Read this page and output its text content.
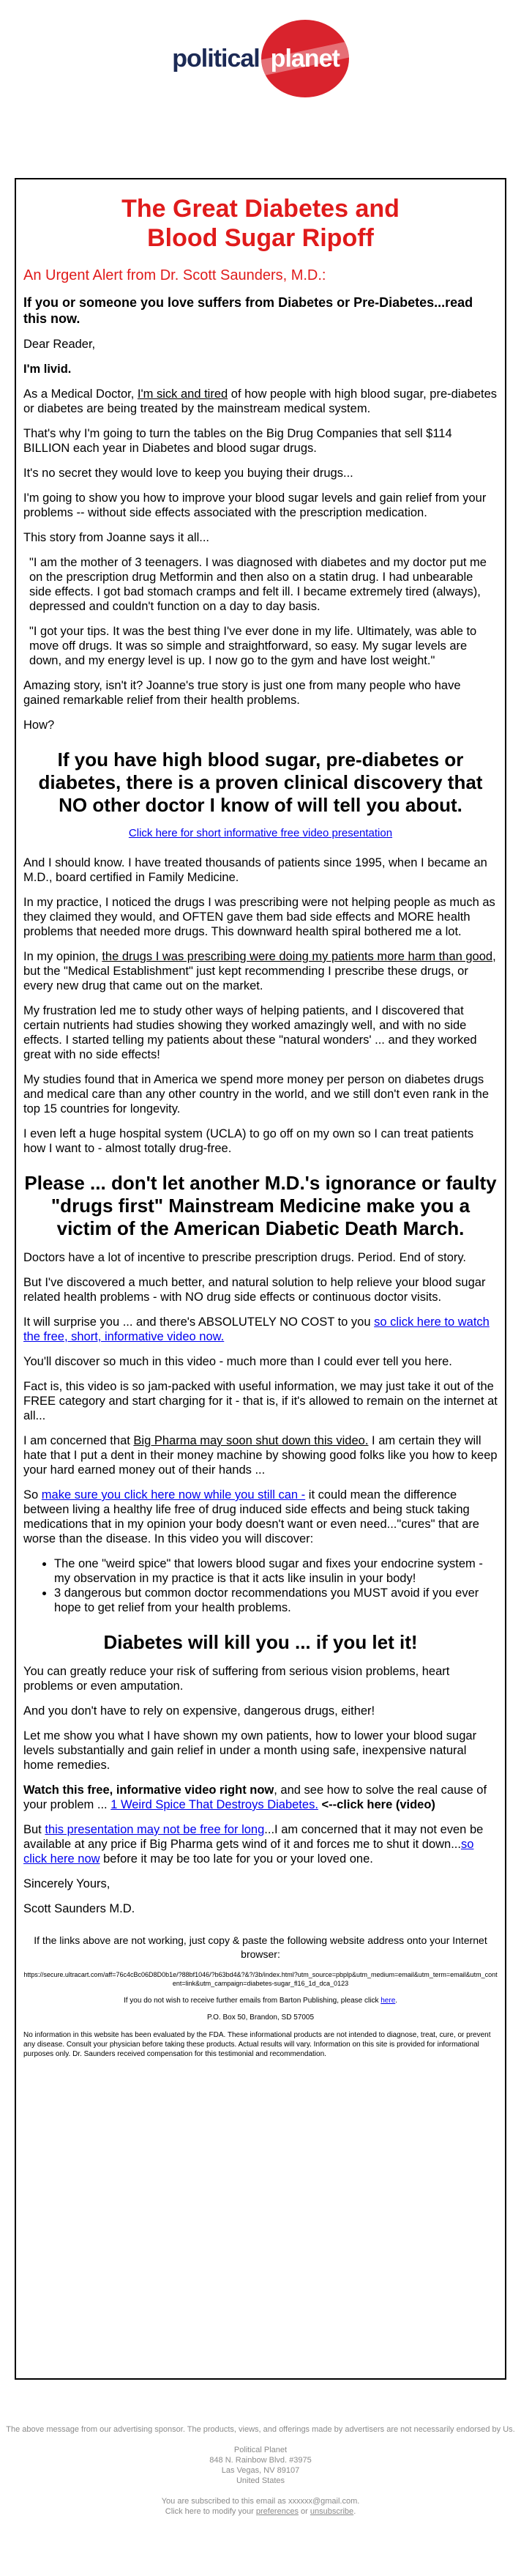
political planet
The Great Diabetes and
Blood Sugar Ripoff
An Urgent Alert from Dr. Scott Saunders, M.D.:

If you or someone you love suffers from Diabetes or Pre-Diabetes...read this now.

Dear Reader,

I'm livid.

As a Medical Doctor, I'm sick and tired of how people with high blood sugar, pre-diabetes or diabetes are being treated by the mainstream medical system.

That's why I'm going to turn the tables on the Big Drug Companies that sell $114 BILLION each year in Diabetes and blood sugar drugs.

It's no secret they would love to keep you buying their drugs...

I'm going to show you how to improve your blood sugar levels and gain relief from your problems -- without side effects associated with the prescription medication.

This story from Joanne says it all...

"I am the mother of 3 teenagers. I was diagnosed with diabetes and my doctor put me on the prescription drug Metformin and then also on a statin drug. I had unbearable side effects. I got bad stomach cramps and felt ill. I became extremely tired (always), depressed and couldn't function on a day to day basis.

"I got your tips. It was the best thing I've ever done in my life. Ultimately, was able to move off drugs. It was so simple and straightforward, so easy. My sugar levels are down, and my energy level is up. I now go to the gym and have lost weight."

Amazing story, isn't it? Joanne's true story is just one from many people who have gained remarkable relief from their health problems.

How?

If you have high blood sugar, pre-diabetes or diabetes, there is a proven clinical discovery that NO other doctor I know of will tell you about.
Click here for short informative free video presentation

And I should know. I have treated thousands of patients since 1995, when I became an M.D., board certified in Family Medicine.

In my practice, I noticed the drugs I was prescribing were not helping people as much as they claimed they would, and OFTEN gave them bad side effects and MORE health problems that needed more drugs. This downward health spiral bothered me a lot.

In my opinion, the drugs I was prescribing were doing my patients more harm than good, but the "Medical Establishment" just kept recommending I prescribe these drugs, or every new drug that came out on the market.

My frustration led me to study other ways of helping patients, and I discovered that certain nutrients had studies showing they worked amazingly well, and with no side effects. I started telling my patients about these "natural wonders' ... and they worked great with no side effects!

My studies found that in America we spend more money per person on diabetes drugs and medical care than any other country in the world, and we still don't even rank in the top 15 countries for longevity.

I even left a huge hospital system (UCLA) to go off on my own so I can treat patients how I want to - almost totally drug-free.

Please ... don't let another M.D.'s ignorance or faulty "drugs first" Mainstream Medicine make you a victim of the American Diabetic Death March.

Doctors have a lot of incentive to prescribe prescription drugs. Period. End of story.

But I've discovered a much better, and natural solution to help relieve your blood sugar related health problems - with NO drug side effects or continuous doctor visits.

It will surprise you ... and there's ABSOLUTELY NO COST to you so click here to watch the free, short, informative video now.

You'll discover so much in this video - much more than I could ever tell you here.

Fact is, this video is so jam-packed with useful information, we may just take it out of the FREE category and start charging for it - that is, if it's allowed to remain on the internet at all...

I am concerned that Big Pharma may soon shut down this video. I am certain they will hate that I put a dent in their money machine by showing good folks like you how to keep your hard earned money out of their hands ...

So make sure you click here now while you still can - it could mean the difference between living a healthy life free of drug induced side effects and being stuck taking medications that in my opinion your body doesn't want or even need..."cures" that are worse than the disease. In this video you will discover:

• The one "weird spice" that lowers blood sugar and fixes your endocrine system - my observation in my practice is that it acts like insulin in your body!
• 3 dangerous but common doctor recommendations you MUST avoid if you ever hope to get relief from your health problems.
Diabetes will kill you ... if you let it!

You can greatly reduce your risk of suffering from serious vision problems, heart problems or even amputation.

And you don't have to rely on expensive, dangerous drugs, either!

Let me show you what I have shown my own patients, how to lower your blood sugar levels substantially and gain relief in under a month using safe, inexpensive natural home remedies.

Watch this free, informative video right now, and see how to solve the real cause of your problem ... 1 Weird Spice That Destroys Diabetes. <--click here (video)

But this presentation may not be free for long...I am concerned that it may not even be available at any price if Big Pharma gets wind of it and forces me to shut it down...so click here now before it may be too late for you or your loved one.

Sincerely Yours,

Scott Saunders M.D.

If the links above are not working, just copy & paste the following website address onto your Internet browser:
https://secure.ultracart.com/aff=76c4cBc06D8D0b1e/?88bf1046/?b63bd4&?&?/3b/index.html?utm_source=pbplp&utm_medium=email&utm_term=email&utm_content=link&utm_campaign=diabetes-sugar_fl16_1d_dca_0123
If you do not wish to receive further emails from Barton Publishing, please click here.
P.O. Box 50, Brandon, SD 57005

No information in this website has been evaluated by the FDA. These informational products are not intended to diagnose, treat, cure, or prevent any disease. Consult your physician before taking these products. Actual results will vary. Information on this site is provided for informational purposes only. Dr. Saunders received compensation for this testimonial and recommendation.

The above message from our advertising sponsor. The products, views, and offerings made by advertisers are not necessarily endorsed by Us.

Political Planet
848 N. Rainbow Blvd. #3975
Las Vegas, NV 89107
United States

You are subscribed to this email as xxxxxx@gmail.com.
Click here to modify your preferences or unsubscribe.
